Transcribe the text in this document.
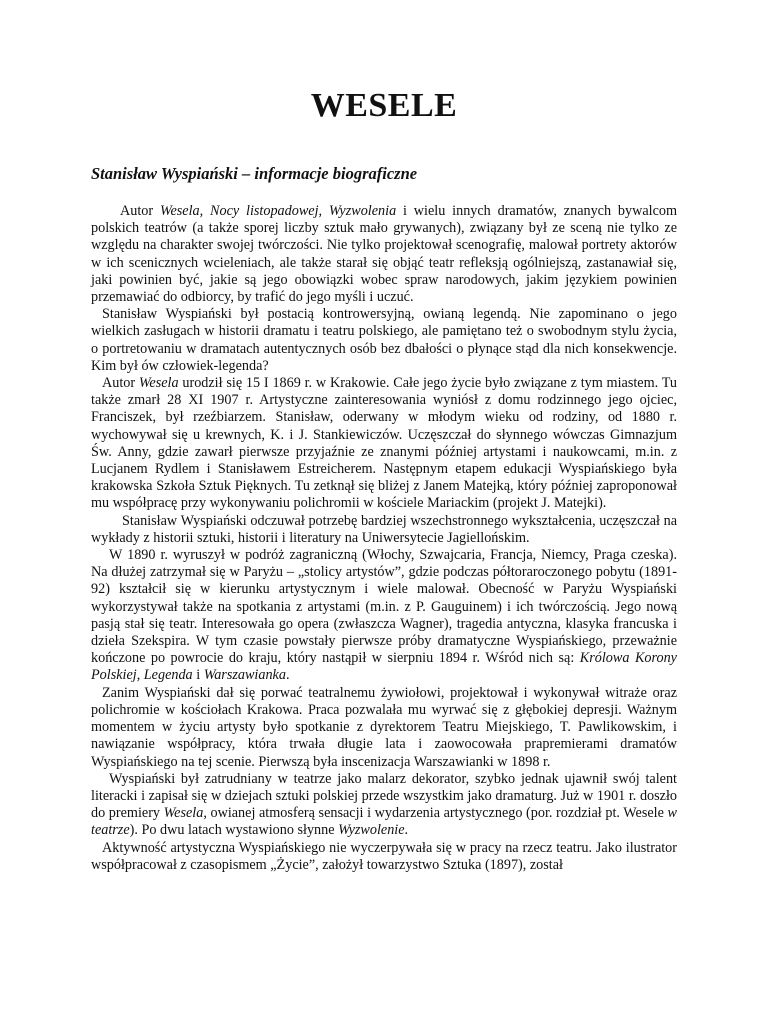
WESELE
Stanisław Wyspiański – informacje biograficzne

Autor Wesela, Nocy listopadowej, Wyzwolenia i wielu innych dramatów, znanych bywalcom polskich teatrów (a także sporej liczby sztuk mało grywanych), związany był ze sceną nie tylko ze względu na charakter swojej twórczości. Nie tylko projektował scenografię, malował portrety aktorów w ich scenicznych wcieleniach, ale także starał się objąć teatr refleksją ogólniejszą, zastanawiał się, jaki powinien być, jakie są jego obowiązki wobec spraw narodowych, jakim językiem powinien przemawiać do odbiorcy, by trafić do jego myśli i uczuć.

Stanisław Wyspiański był postacią kontrowersyjną, owianą legendą. Nie zapominano o jego wielkich zasługach w historii dramatu i teatru polskiego, ale pamiętano też o swobodnym stylu życia, o portretowaniu w dramatach autentycznych osób bez dbałości o płynące stąd dla nich konsekwencje. Kim był ów człowiek-legenda?

Autor Wesela urodził się 15 I 1869 r. w Krakowie. Całe jego życie było związane z tym miastem. Tu także zmarł 28 XI 1907 r. Artystyczne zainteresowania wyniósł z domu rodzinnego jego ojciec, Franciszek, był rzeźbiarzem. Stanisław, oderwany w młodym wieku od rodziny, od 1880 r. wychowywał się u krewnych, K. i J. Stankiewiczów. Uczęszczał do słynnego wówczas Gimnazjum Św. Anny, gdzie zawarł pierwsze przyjaźnie ze znanymi później artystami i naukowcami, m.in. z Lucjanem Rydlem i Stanisławem Estreicherem. Następnym etapem edukacji Wyspiańskiego była krakowska Szkoła Sztuk Pięknych. Tu zetknął się bliżej z Janem Matejką, który później zaproponował mu współpracę przy wykonywaniu polichromii w kościele Mariackim (projekt J. Matejki).

Stanisław Wyspiański odczuwał potrzebę bardziej wszechstronnego wykształcenia, uczęszczał na wykłady z historii sztuki, historii i literatury na Uniwersytecie Jagiellońskim.

W 1890 r. wyruszył w podróż zagraniczną (Włochy, Szwajcaria, Francja, Niemcy, Praga czeska). Na dłużej zatrzymał się w Paryżu – „stolicy artystów”, gdzie podczas półtoraroczonego pobytu (1891-92) kształcił się w kierunku artystycznym i wiele malował. Obecność w Paryżu Wyspiański wykorzystywał także na spotkania z artystami (m.in. z P. Gauguinem) i ich twórczością. Jego nową pasją stał się teatr. Interesowała go opera (zwłaszcza Wagner), tragedia antyczna, klasyka francuska i dzieła Szekspira. W tym czasie powstały pierwsze próby dramatyczne Wyspiańskiego, przeważnie kończone po powrocie do kraju, który nastąpił w sierpniu 1894 r. Wśród nich są: Królowa Korony Polskiej, Legenda i Warszawianka.

Zanim Wyspiański dał się porwać teatralnemu żywiołowi, projektował i wykonywał witraże oraz polichromie w kościołach Krakowa. Praca pozwalała mu wyrwać się z głębokiej depresji. Ważnym momentem w życiu artysty było spotkanie z dyrektorem Teatru Miejskiego, T. Pawlikowskim, i nawiązanie współpracy, która trwała długie lata i zaowocowała prapremierami dramatów Wyspiańskiego na tej scenie. Pierwszą była inscenizacja Warszawianki w 1898 r.

Wyspiański był zatrudniany w teatrze jako malarz dekorator, szybko jednak ujawnił swój talent literacki i zapisał się w dziejach sztuki polskiej przede wszystkim jako dramaturg. Już w 1901 r. doszło do premiery Wesela, owianej atmosferą sensacji i wydarzenia artystycznego (por. rozdział pt. Wesele w teatrze). Po dwu latach wystawiono słynne Wyzwolenie.

Aktywność artystyczna Wyspiańskiego nie wyczerpywała się w pracy na rzecz teatru. Jako ilustrator współpracował z czasopismem „Życie”, założył towarzystwo Sztuka (1897), został
